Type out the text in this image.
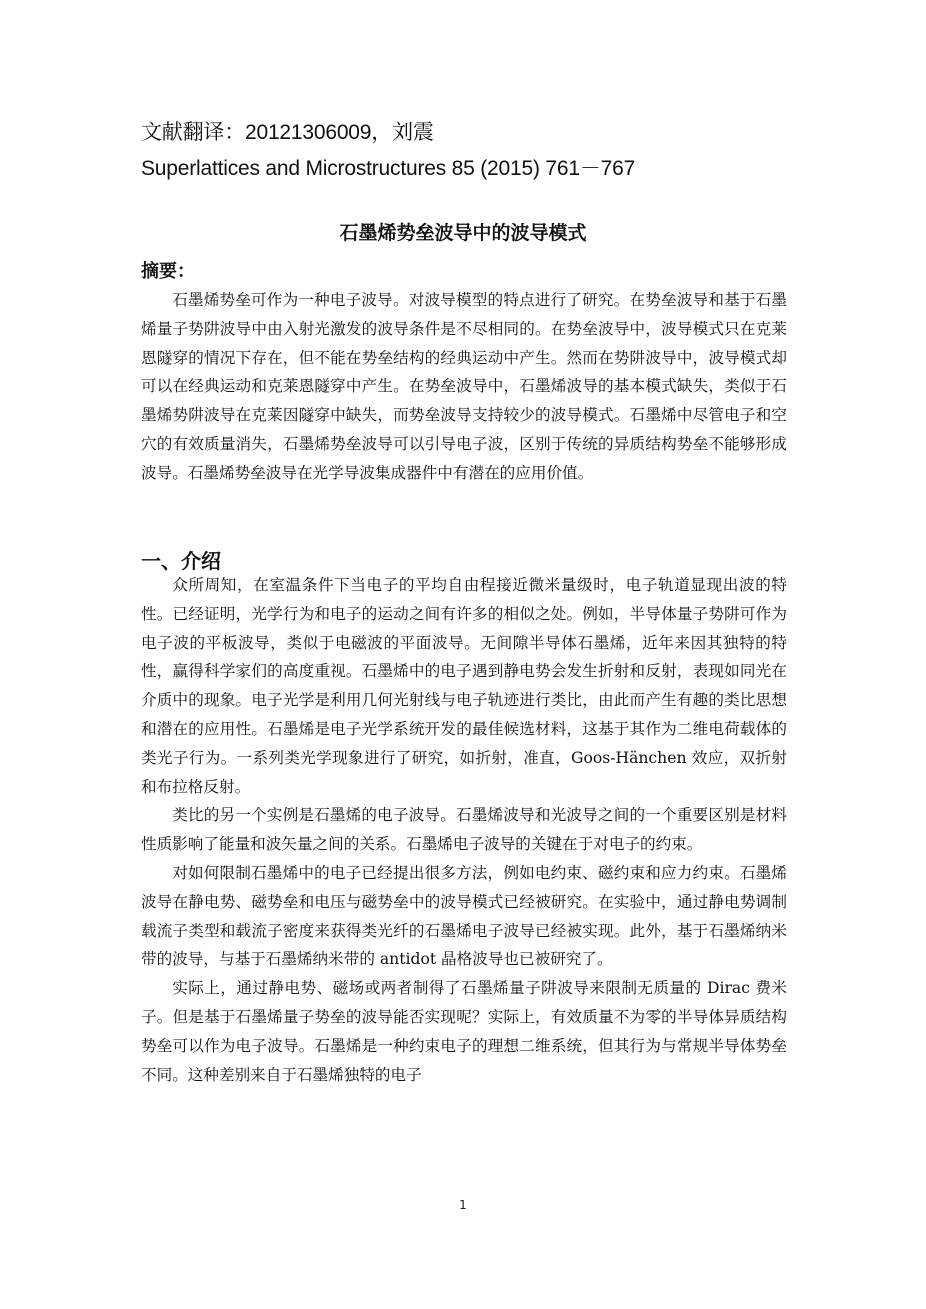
文献翻译：20121306009，刘震
Superlattices and Microstructures 85 (2015) 761－767
石墨烯势垒波导中的波导模式
摘要：

石墨烯势垒可作为一种电子波导。对波导模型的特点进行了研究。在势垒波导和基于石墨烯量子势阱波导中由入射光激发的波导条件是不尽相同的。在势垒波导中，波导模式只在克莱恩隧穿的情况下存在，但不能在势垒结构的经典运动中产生。然而在势阱波导中，波导模式却可以在经典运动和克莱恩隧穿中产生。在势垒波导中，石墨烯波导的基本模式缺失，类似于石墨烯势阱波导在克莱因隧穿中缺失，而势垒波导支持较少的波导模式。石墨烯中尽管电子和空穴的有效质量消失，石墨烯势垒波导可以引导电子波，区别于传统的异质结构势垒不能够形成波导。石墨烯势垒波导在光学导波集成器件中有潜在的应用价值。

一、介绍

众所周知，在室温条件下当电子的平均自由程接近微米量级时，电子轨道显现出波的特性。已经证明，光学行为和电子的运动之间有许多的相似之处。例如，半导体量子势阱可作为电子波的平板波导，类似于电磁波的平面波导。无间隙半导体石墨烯，近年来因其独特的特性，赢得科学家们的高度重视。石墨烯中的电子遇到静电势会发生折射和反射，表现如同光在介质中的现象。电子光学是利用几何光射线与电子轨迹进行类比，由此而产生有趣的类比思想和潜在的应用性。石墨烯是电子光学系统开发的最佳候选材料，这基于其作为二维电荷载体的类光子行为。一系列类光学现象进行了研究，如折射，准直，Goos-Hänchen 效应，双折射和布拉格反射。

类比的另一个实例是石墨烯的电子波导。石墨烯波导和光波导之间的一个重要区别是材料性质影响了能量和波矢量之间的关系。石墨烯电子波导的关键在于对电子的约束。

对如何限制石墨烯中的电子已经提出很多方法，例如电约束、磁约束和应力约束。石墨烯波导在静电势、磁势垒和电压与磁势垒中的波导模式已经被研究。在实验中，通过静电势调制载流子类型和载流子密度来获得类光纤的石墨烯电子波导已经被实现。此外，基于石墨烯纳米带的波导，与基于石墨烯纳米带的 antidot 晶格波导也已被研究了。

实际上，通过静电势、磁场或两者制得了石墨烯量子阱波导来限制无质量的 Dirac 费米子。但是基于石墨烯量子势垒的波导能否实现呢？实际上，有效质量不为零的半导体异质结构势垒可以作为电子波导。石墨烯是一种约束电子的理想二维系统，但其行为与常规半导体势垒不同。这种差别来自于石墨烯独特的电子

1
